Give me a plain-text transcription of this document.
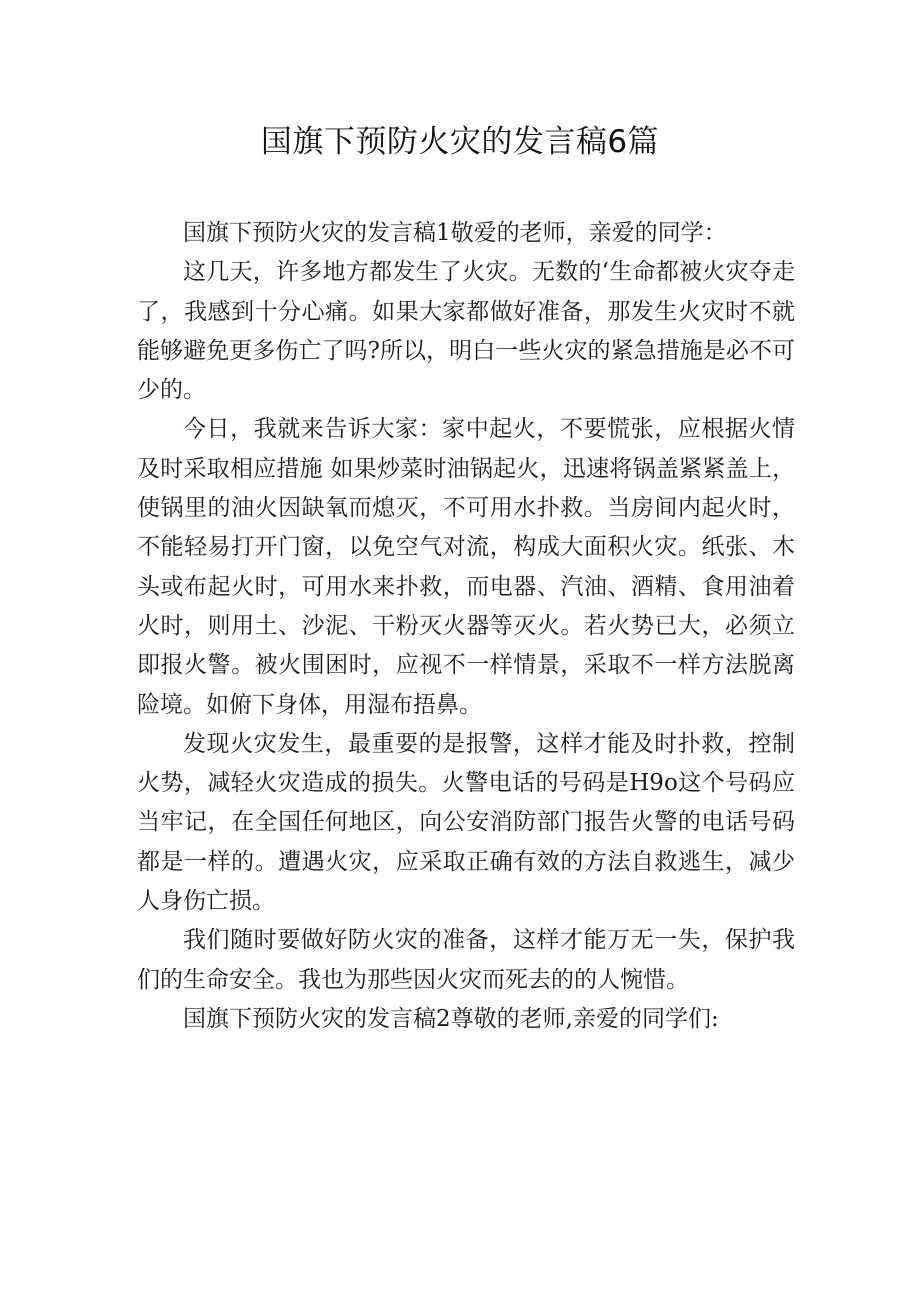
国旗下预防火灾的发言稿6篇

国旗下预防火灾的发言稿1敬爱的老师，亲爱的同学：

这几天，许多地方都发生了火灾。无数的‘生命都被火灾夺走了，我感到十分心痛。如果大家都做好准备，那发生火灾时不就能够避免更多伤亡了吗?所以，明白一些火灾的紧急措施是必不可少的。

今日，我就来告诉大家：家中起火，不要慌张，应根据火情及时采取相应措施 如果炒菜时油锅起火，迅速将锅盖紧紧盖上，使锅里的油火因缺氧而熄灭，不可用水扑救。当房间内起火时，不能轻易打开门窗，以免空气对流，构成大面积火灾。纸张、木头或布起火时，可用水来扑救，而电器、汽油、酒精、食用油着火时，则用土、沙泥、干粉灭火器等灭火。若火势已大，必须立即报火警。被火围困时，应视不一样情景，采取不一样方法脱离险境。如俯下身体，用湿布捂鼻。

发现火灾发生，最重要的是报警，这样才能及时扑救，控制火势，减轻火灾造成的损失。火警电话的号码是H9o这个号码应当牢记，在全国任何地区，向公安消防部门报告火警的电话号码都是一样的。遭遇火灾，应采取正确有效的方法自救逃生，减少人身伤亡损。

我们随时要做好防火灾的准备，这样才能万无一失，保护我们的生命安全。我也为那些因火灾而死去的的人惋惜。

国旗下预防火灾的发言稿2尊敬的老师,亲爱的同学们:
